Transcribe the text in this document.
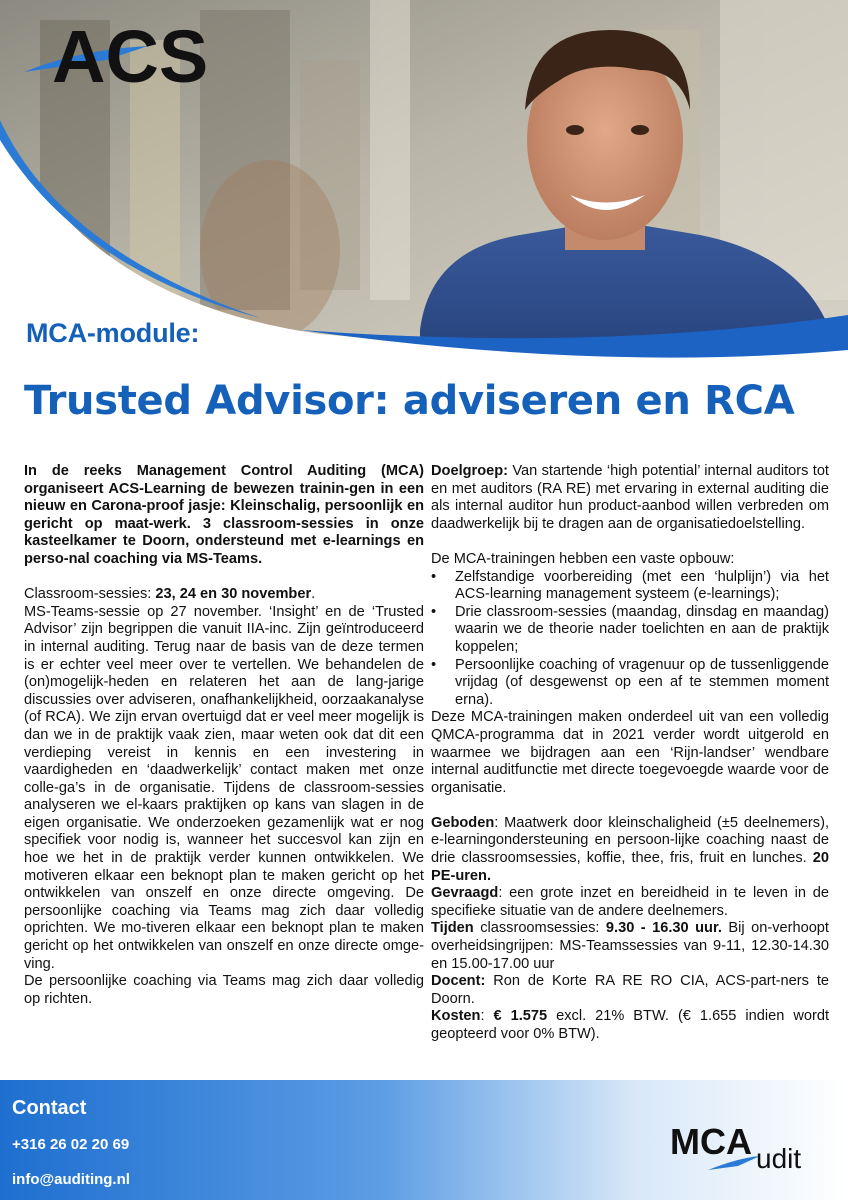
ACS
MCA-module:
Trusted Advisor: adviseren en RCA

In de reeks Management Control Auditing (MCA) organiseert ACS-Learning de bewezen trainin-gen in een nieuw en Carona-proof jasje: Kleinschalig, persoonlijk en gericht op maat-werk. 3 classroom-sessies in onze kasteelkamer te Doorn, ondersteund met e-learnings en perso-nal coaching via MS-Teams.

Classroom-sessies: 23, 24 en 30 november.

MS-Teams-sessie op 27 november. ‘Insight’ en de ‘Trusted Advisor’ zijn begrippen die vanuit IIA-inc. Zijn geïntroduceerd in internal auditing. Terug naar de basis van de deze termen is er echter veel meer over te vertellen. We behandelen de (on)mogelijk-heden en relateren het aan de lang-jarige discussies over adviseren, onafhankelijkheid, oorzaakanalyse (of RCA). We zijn ervan overtuigd dat er veel meer mogelijk is dan we in de praktijk vaak zien, maar weten ook dat dit een verdieping vereist in kennis en een investering in vaardigheden en ‘daadwerkelijk’ contact maken met onze colle-ga’s in de organisatie. Tijdens de classroom-sessies analyseren we el-kaars praktijken op kans van slagen in de eigen organisatie. We onderzoeken gezamenlijk wat er nog specifiek voor nodig is, wanneer het succesvol kan zijn en hoe we het in de praktijk verder kunnen ontwikkelen. We motiveren elkaar een beknopt plan te maken gericht op het ontwikkelen van onszelf en onze directe omgeving. De persoonlijke coaching via Teams mag zich daar volledig oprichten. We mo-tiveren elkaar een beknopt plan te maken gericht op het ontwikkelen van onszelf en onze directe omge-ving.

De persoonlijke coaching via Teams mag zich daar volledig op richten.

Doelgroep: Van startende ‘high potential’ internal auditors tot en met auditors (RA RE) met ervaring in external auditing die als internal auditor hun product-aanbod willen verbreden om daadwerkelijk bij te dragen aan de organisatiedoelstelling.

De MCA-trainingen hebben een vaste opbouw:

• Zelfstandige voorbereiding (met een ‘hulplijn’) via het ACS-learning management systeem (e-learnings);
• Drie classroom-sessies (maandag, dinsdag en maandag) waarin we de theorie nader toelichten en aan de praktijk koppelen;
• Persoonlijke coaching of vragenuur op de tussenliggende vrijdag (of desgewenst op een af te stemmen moment erna).

Deze MCA-trainingen maken onderdeel uit van een volledig QMCA-programma dat in 2021 verder wordt uitgerold en waarmee we bijdragen aan een ‘Rijn-landser’ wendbare internal auditfunctie met directe toegevoegde waarde voor de organisatie.

Geboden: Maatwerk door kleinschaligheid (±5 deelnemers), e-learningondersteuning en persoon-lijke coaching naast de drie classroomsessies, koffie, thee, fris, fruit en lunches. 20 PE-uren.

Gevraagd: een grote inzet en bereidheid in te leven in de specifieke situatie van de andere deelnemers.

Tijden classroomsessies: 9.30 - 16.30 uur. Bij on-verhoopt overheidsingrijpen: MS-Teamssessies van 9-11, 12.30-14.30 en 15.00-17.00 uur

Docent: Ron de Korte RA RE RO CIA, ACS-part-ners te Doorn.

Kosten: € 1.575 excl. 21% BTW. (€ 1.655 indien wordt geopteerd voor 0% BTW).

Contact
+316 26 02 20 69
info@auditing.nl
MCA udit
